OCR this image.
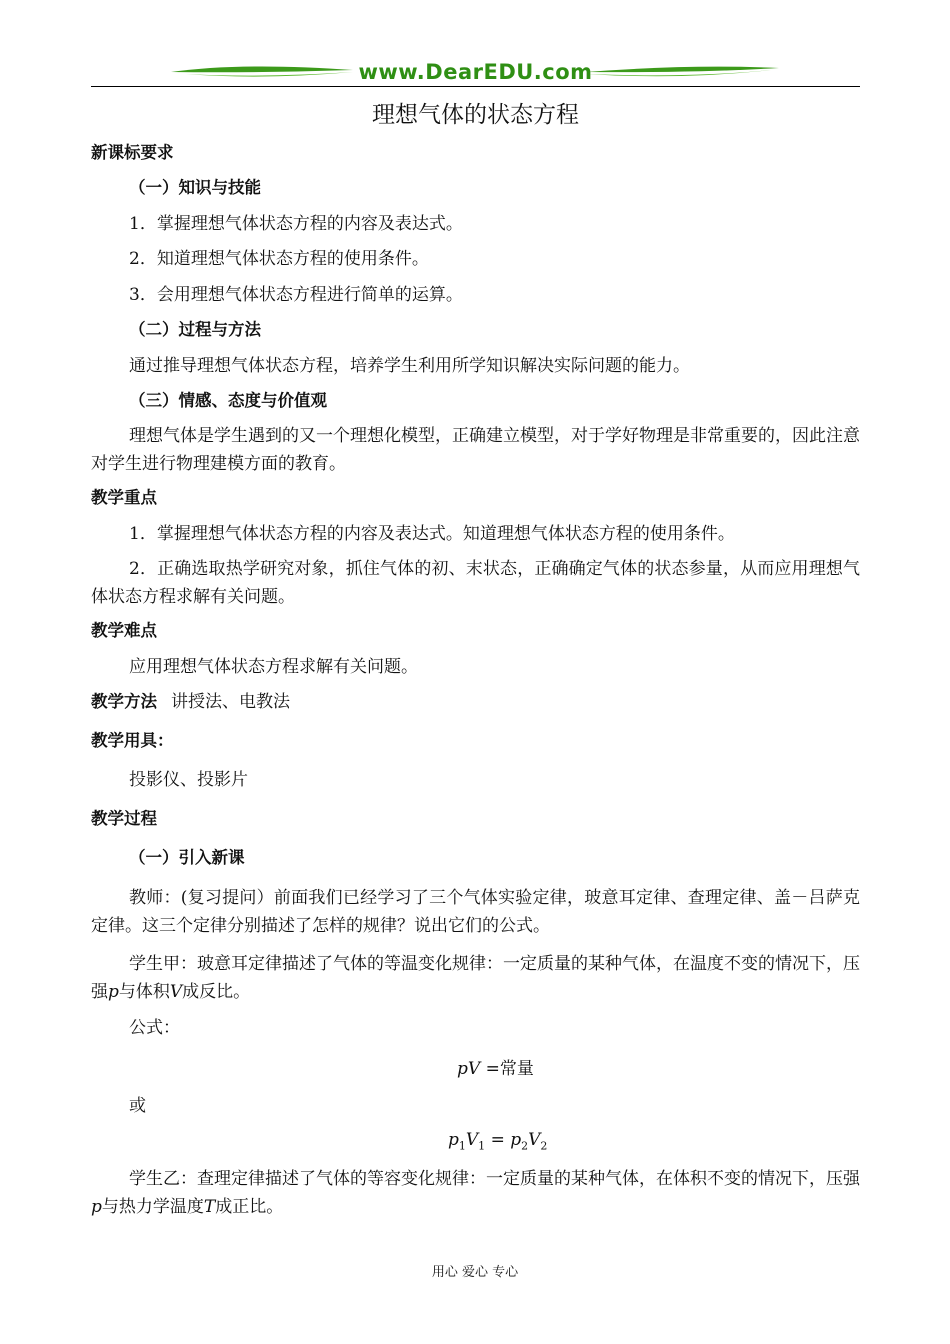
www.DearEDU.com
理想气体的状态方程
新课标要求
（一）知识与技能
1．掌握理想气体状态方程的内容及表达式。
2．知道理想气体状态方程的使用条件。
3．会用理想气体状态方程进行简单的运算。
（二）过程与方法
通过推导理想气体状态方程，培养学生利用所学知识解决实际问题的能力。
（三）情感、态度与价值观

理想气体是学生遇到的又一个理想化模型，正确建立模型，对于学好物理是非常重要的，因此注意对学生进行物理建模方面的教育。

教学重点
1．掌握理想气体状态方程的内容及表达式。知道理想气体状态方程的使用条件。

2．正确选取热学研究对象，抓住气体的初、末状态，正确确定气体的状态参量，从而应用理想气体状态方程求解有关问题。

教学难点
应用理想气体状态方程求解有关问题。
教学方法 讲授法、电教法
教学用具：
投影仪、投影片
教学过程
（一）引入新课

教师：(复习提问）前面我们已经学习了三个气体实验定律，玻意耳定律、查理定律、盖－吕萨克定律。这三个定律分别描述了怎样的规律？说出它们的公式。

学生甲：玻意耳定律描述了气体的等温变化规律：一定质量的某种气体，在温度不变的情况下，压强p与体积V成反比。

公式：
pV =常量
或
$p_1V_1 = p_2V_2$

学生乙：查理定律描述了气体的等容变化规律：一定质量的某种气体，在体积不变的情况下，压强p与热力学温度T成正比。

用心 爱心 专心
